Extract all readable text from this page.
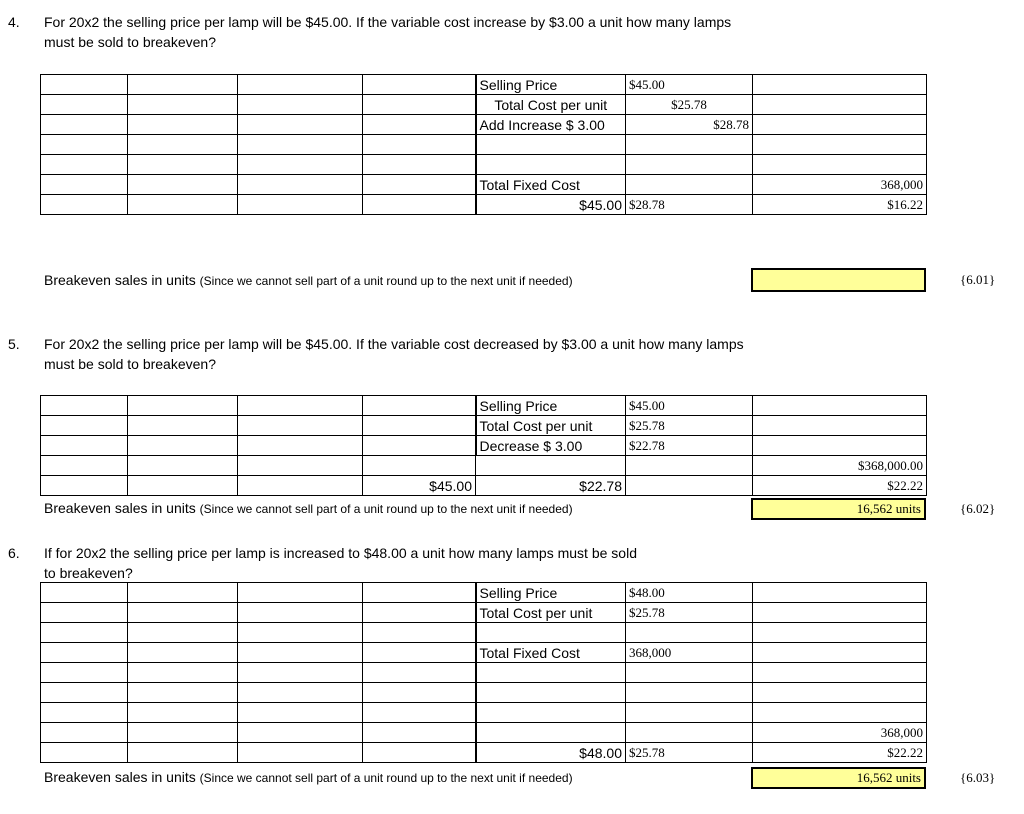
4. For 20x2 the selling price per lamp will be $45.00. If the variable cost increase by $3.00 a unit how many lamps
must be sold to breakeven?
				Selling Price	$45.00	
				Total Cost per unit	$25.78	
				Add Increase $ 3.00	$28.78	

				Total Fixed Cost		368,000
				$45.00	$28.78	$16.22
Breakeven sales in units (Since we cannot sell part of a unit round up to the next unit if needed)	{6.01}
5. For 20x2 the selling price per lamp will be $45.00. If the variable cost decreased by $3.00 a unit how many lamps
must be sold to breakeven?
				Selling Price	$45.00	
				Total Cost per unit	$25.78	
				Decrease $ 3.00	$22.78	
						$368,000.00
			$45.00	$22.78		$22.22
Breakeven sales in units (Since we cannot sell part of a unit round up to the next unit if needed)	16,562 units	{6.02}
6. If for 20x2 the selling price per lamp is increased to $48.00 a unit how many lamps must be sold
to breakeven?
				Selling Price	$48.00	
				Total Cost per unit	$25.78	

				Total Fixed Cost	368,000	

						368,000
				$48.00	$25.78	$22.22
Breakeven sales in units (Since we cannot sell part of a unit round up to the next unit if needed)	16,562 units	{6.03}
